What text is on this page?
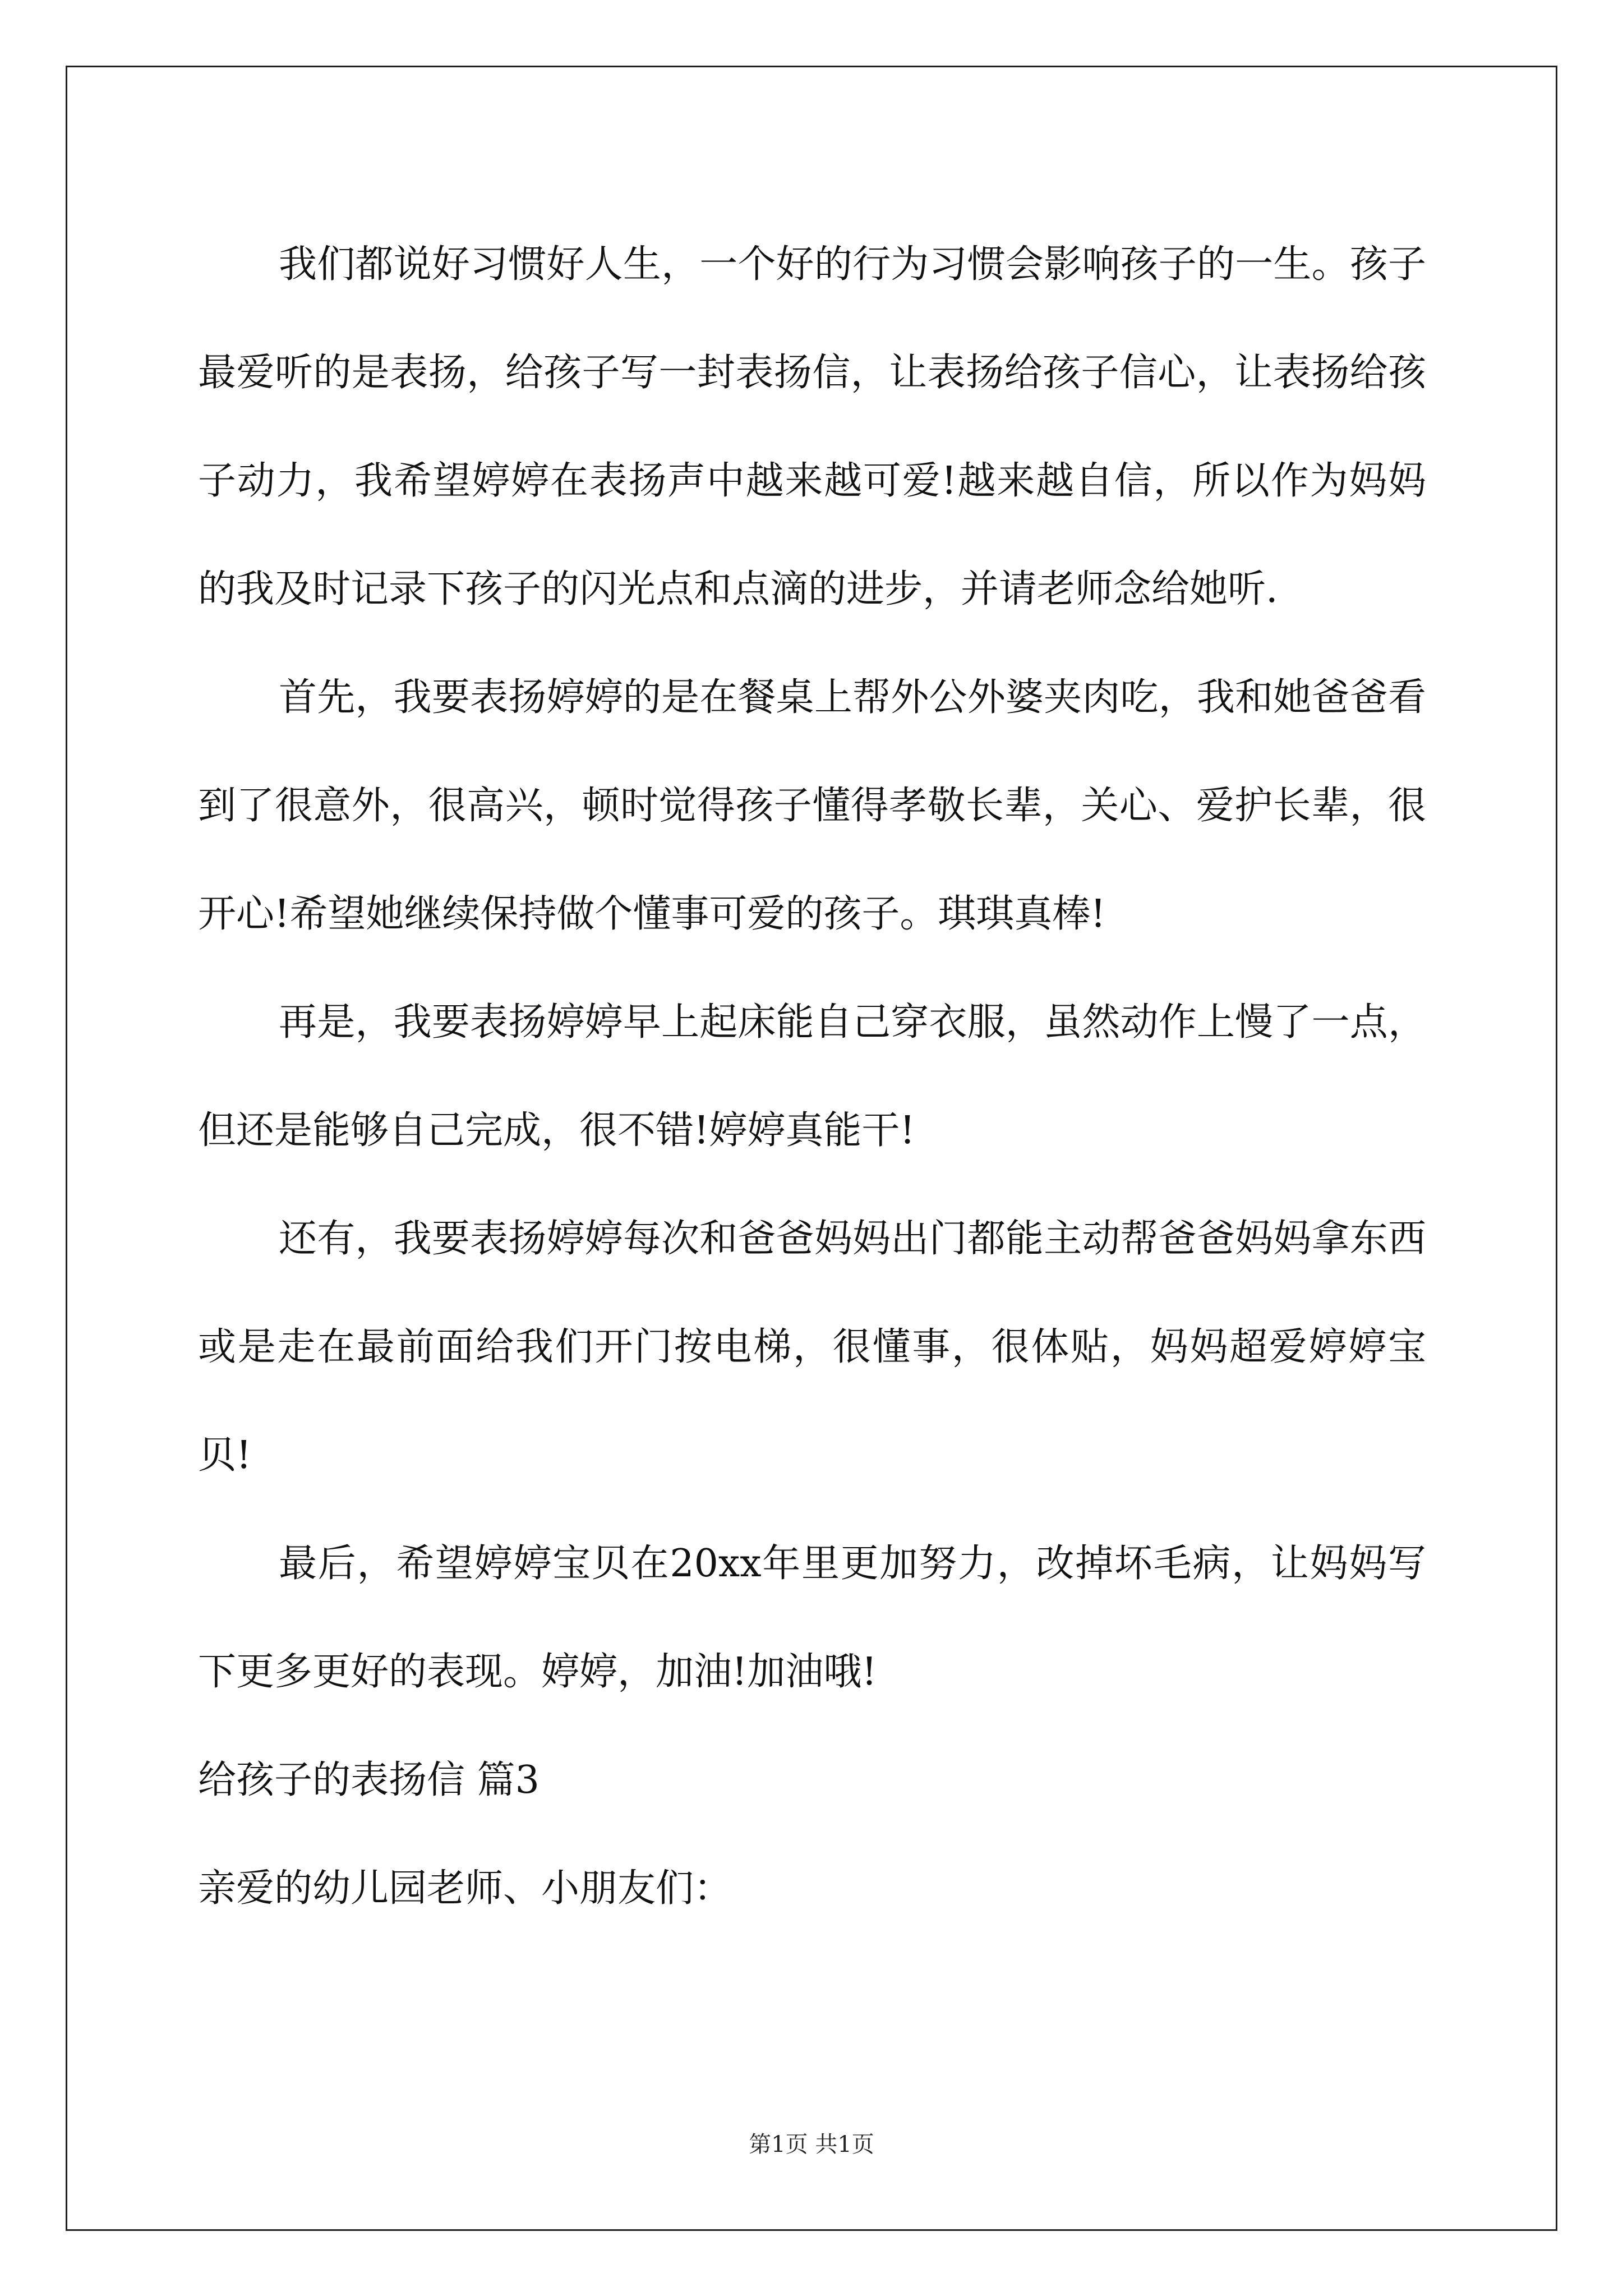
我们都说好习惯好人生，一个好的行为习惯会影响孩子的一生。孩子最爱听的是表扬，给孩子写一封表扬信，让表扬给孩子信心，让表扬给孩子动力，我希望婷婷在表扬声中越来越可爱!越来越自信，所以作为妈妈的我及时记录下孩子的闪光点和点滴的进步，并请老师念给她听.

首先，我要表扬婷婷的是在餐桌上帮外公外婆夹肉吃，我和她爸爸看到了很意外，很高兴，顿时觉得孩子懂得孝敬长辈，关心、爱护长辈，很开心!希望她继续保持做个懂事可爱的孩子。琪琪真棒!

再是，我要表扬婷婷早上起床能自己穿衣服，虽然动作上慢了一点，但还是能够自己完成，很不错!婷婷真能干!

还有，我要表扬婷婷每次和爸爸妈妈出门都能主动帮爸爸妈妈拿东西或是走在最前面给我们开门按电梯，很懂事，很体贴，妈妈超爱婷婷宝贝!

最后，希望婷婷宝贝在20xx年里更加努力，改掉坏毛病，让妈妈写下更多更好的表现。婷婷，加油!加油哦!

给孩子的表扬信 篇3

亲爱的幼儿园老师、小朋友们：

第1页 共1页
